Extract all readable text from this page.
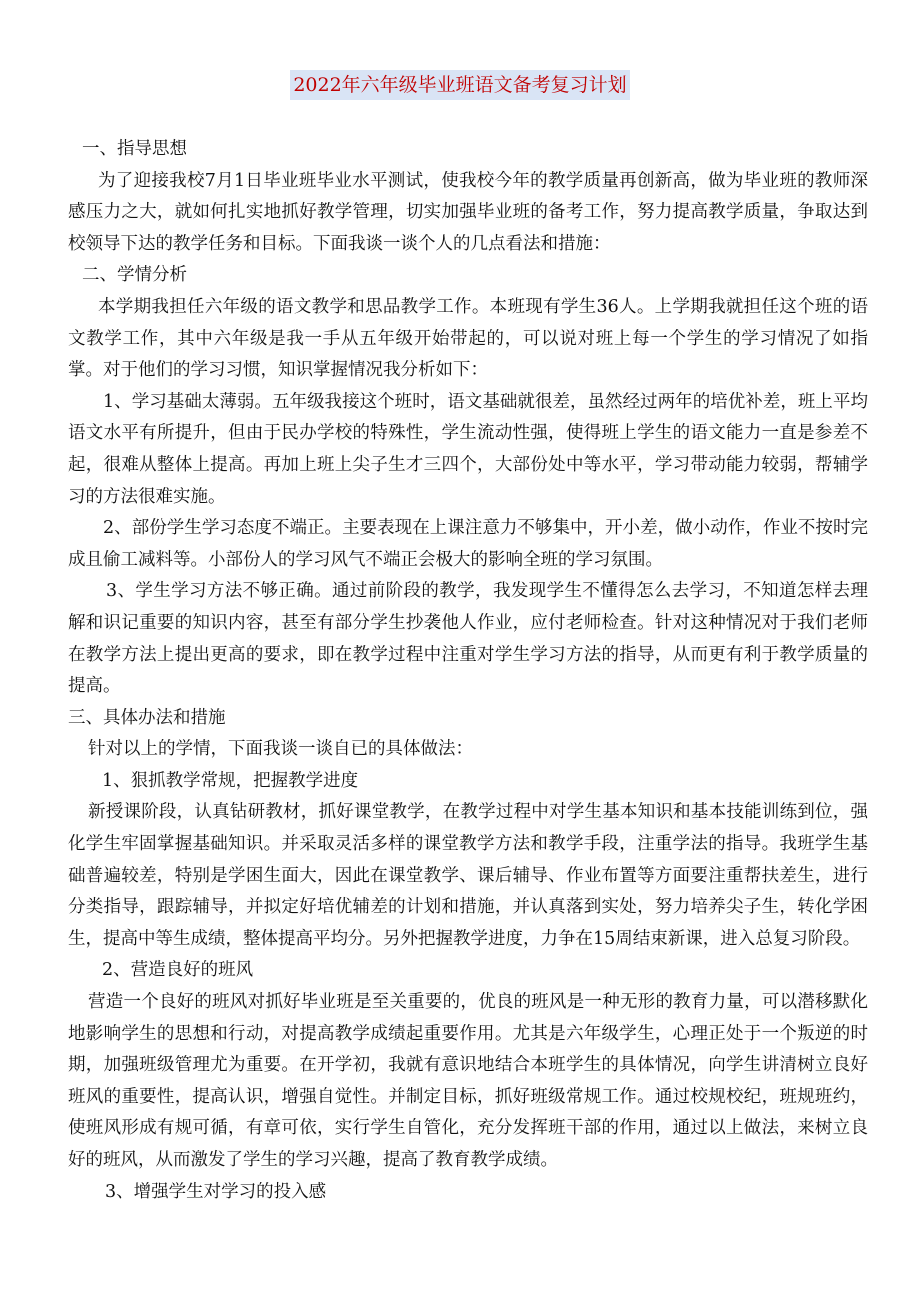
2022年六年级毕业班语文备考复习计划

一、指导思想

为了迎接我校7月1日毕业班毕业水平测试，使我校今年的教学质量再创新高，做为毕业班的教师深感压力之大，就如何扎实地抓好教学管理，切实加强毕业班的备考工作，努力提高教学质量，争取达到校领导下达的教学任务和目标。下面我谈一谈个人的几点看法和措施：

二、学情分析

本学期我担任六年级的语文教学和思品教学工作。本班现有学生36人。上学期我就担任这个班的语文教学工作，其中六年级是我一手从五年级开始带起的，可以说对班上每一个学生的学习情况了如指掌。对于他们的学习习惯，知识掌握情况我分析如下：

1、学习基础太薄弱。五年级我接这个班时，语文基础就很差，虽然经过两年的培优补差，班上平均语文水平有所提升，但由于民办学校的特殊性，学生流动性强，使得班上学生的语文能力一直是参差不起，很难从整体上提高。再加上班上尖子生才三四个，大部份处中等水平，学习带动能力较弱，帮辅学习的方法很难实施。

2、部份学生学习态度不端正。主要表现在上课注意力不够集中，开小差，做小动作，作业不按时完成且偷工减料等。小部份人的学习风气不端正会极大的影响全班的学习氛围。

3、学生学习方法不够正确。通过前阶段的教学，我发现学生不懂得怎么去学习，不知道怎样去理解和识记重要的知识内容，甚至有部分学生抄袭他人作业，应付老师检查。针对这种情况对于我们老师在教学方法上提出更高的要求，即在教学过程中注重对学生学习方法的指导，从而更有利于教学质量的提高。

三、具体办法和措施

针对以上的学情，下面我谈一谈自已的具体做法：

1、狠抓教学常规，把握教学进度

新授课阶段，认真钻研教材，抓好课堂教学，在教学过程中对学生基本知识和基本技能训练到位，强化学生牢固掌握基础知识。并采取灵活多样的课堂教学方法和教学手段，注重学法的指导。我班学生基础普遍较差，特别是学困生面大，因此在课堂教学、课后辅导、作业布置等方面要注重帮扶差生，进行分类指导，跟踪辅导，并拟定好培优辅差的计划和措施，并认真落到实处，努力培养尖子生，转化学困生，提高中等生成绩，整体提高平均分。另外把握教学进度，力争在15周结束新课，进入总复习阶段。

2、营造良好的班风

营造一个良好的班风对抓好毕业班是至关重要的，优良的班风是一种无形的教育力量，可以潜移默化地影响学生的思想和行动，对提高教学成绩起重要作用。尤其是六年级学生，心理正处于一个叛逆的时期，加强班级管理尤为重要。在开学初，我就有意识地结合本班学生的具体情况，向学生讲清树立良好班风的重要性，提高认识，增强自觉性。并制定目标，抓好班级常规工作。通过校规校纪，班规班约，使班风形成有规可循，有章可依，实行学生自管化，充分发挥班干部的作用，通过以上做法，来树立良好的班风，从而激发了学生的学习兴趣，提高了教育教学成绩。

3、增强学生对学习的投入感
